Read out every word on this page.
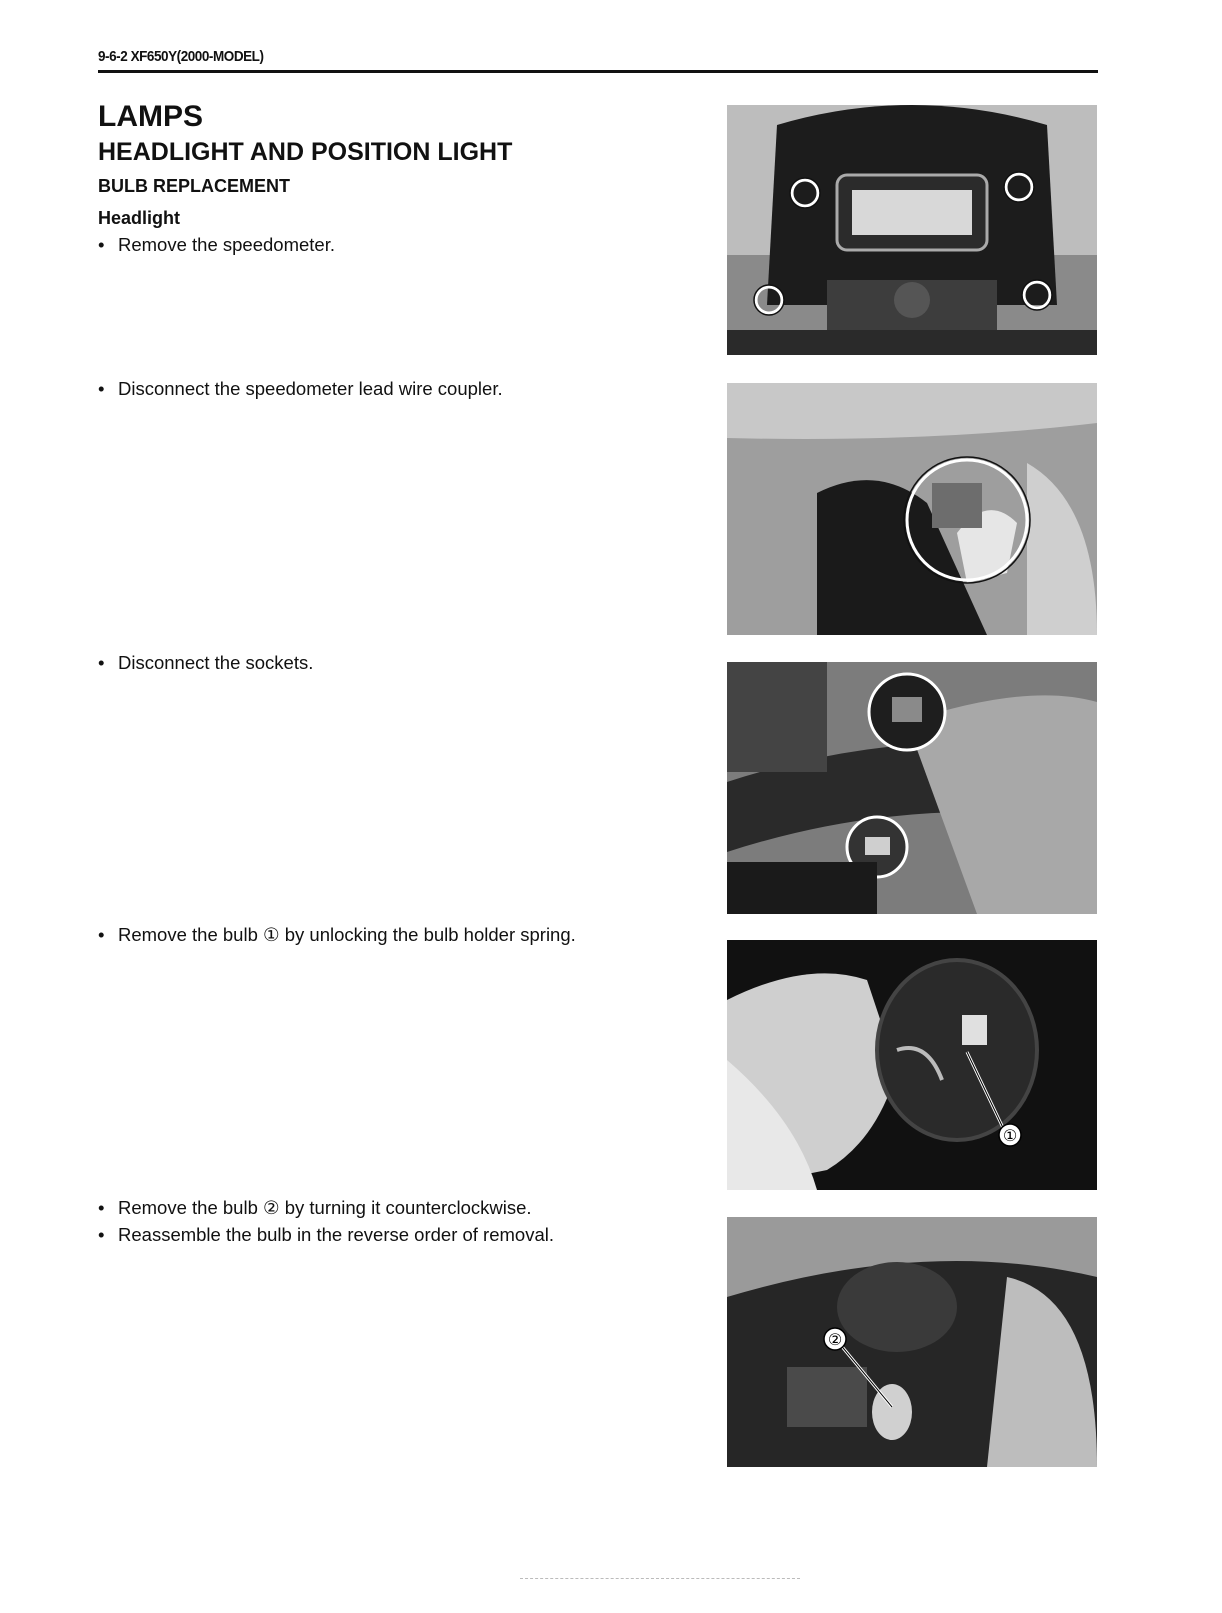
9-6-2 XF650Y(2000-MODEL)
LAMPS
HEADLIGHT AND POSITION LIGHT
BULB REPLACEMENT
Headlight
• Remove the speedometer.
• Disconnect the speedometer lead wire coupler.
• Disconnect the sockets.
• Remove the bulb ① by unlocking the bulb holder spring.
• Remove the bulb ② by turning it counterclockwise.
• Reassemble the bulb in the reverse order of removal.
①
②
